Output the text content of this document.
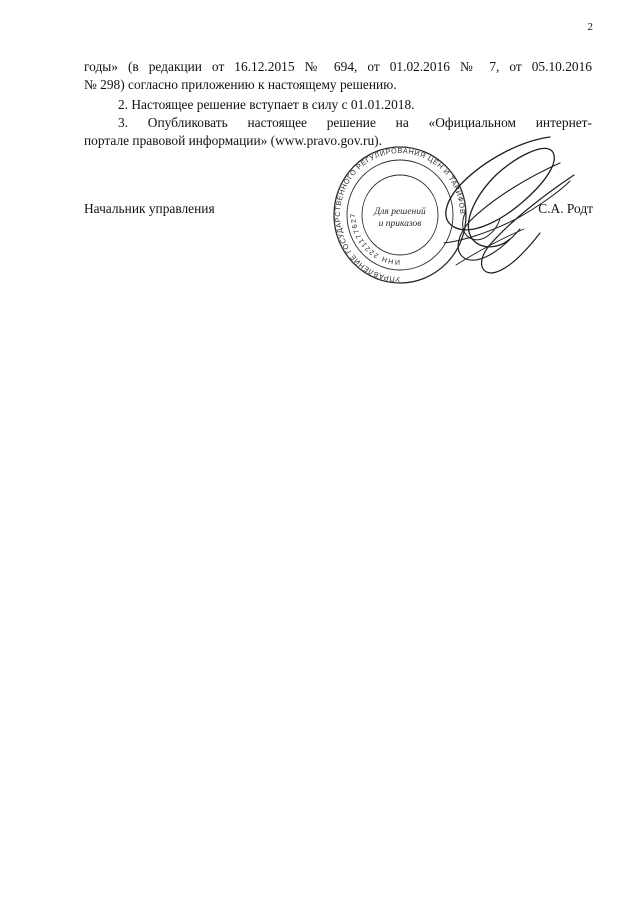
2
годы» (в редакции от 16.12.2015 № 694, от 01.02.2016 № 7, от 05.10.2016
№ 298) согласно приложению к настоящему решению.
2. Настоящее решение вступает в силу с 01.01.2018.
3. Опубликовать настоящее решение на «Официальном интернет-
портале правовой информации» (www.pravo.gov.ru).
Начальник управления	С.А. Родт
УПРАВЛЕНИЕ ГОСУДАРСТВЕННОГО РЕГУЛИРОВАНИЯ ЦЕН И ТАРИФОВ
ИНН 2221177627	Для решений
и приказов
